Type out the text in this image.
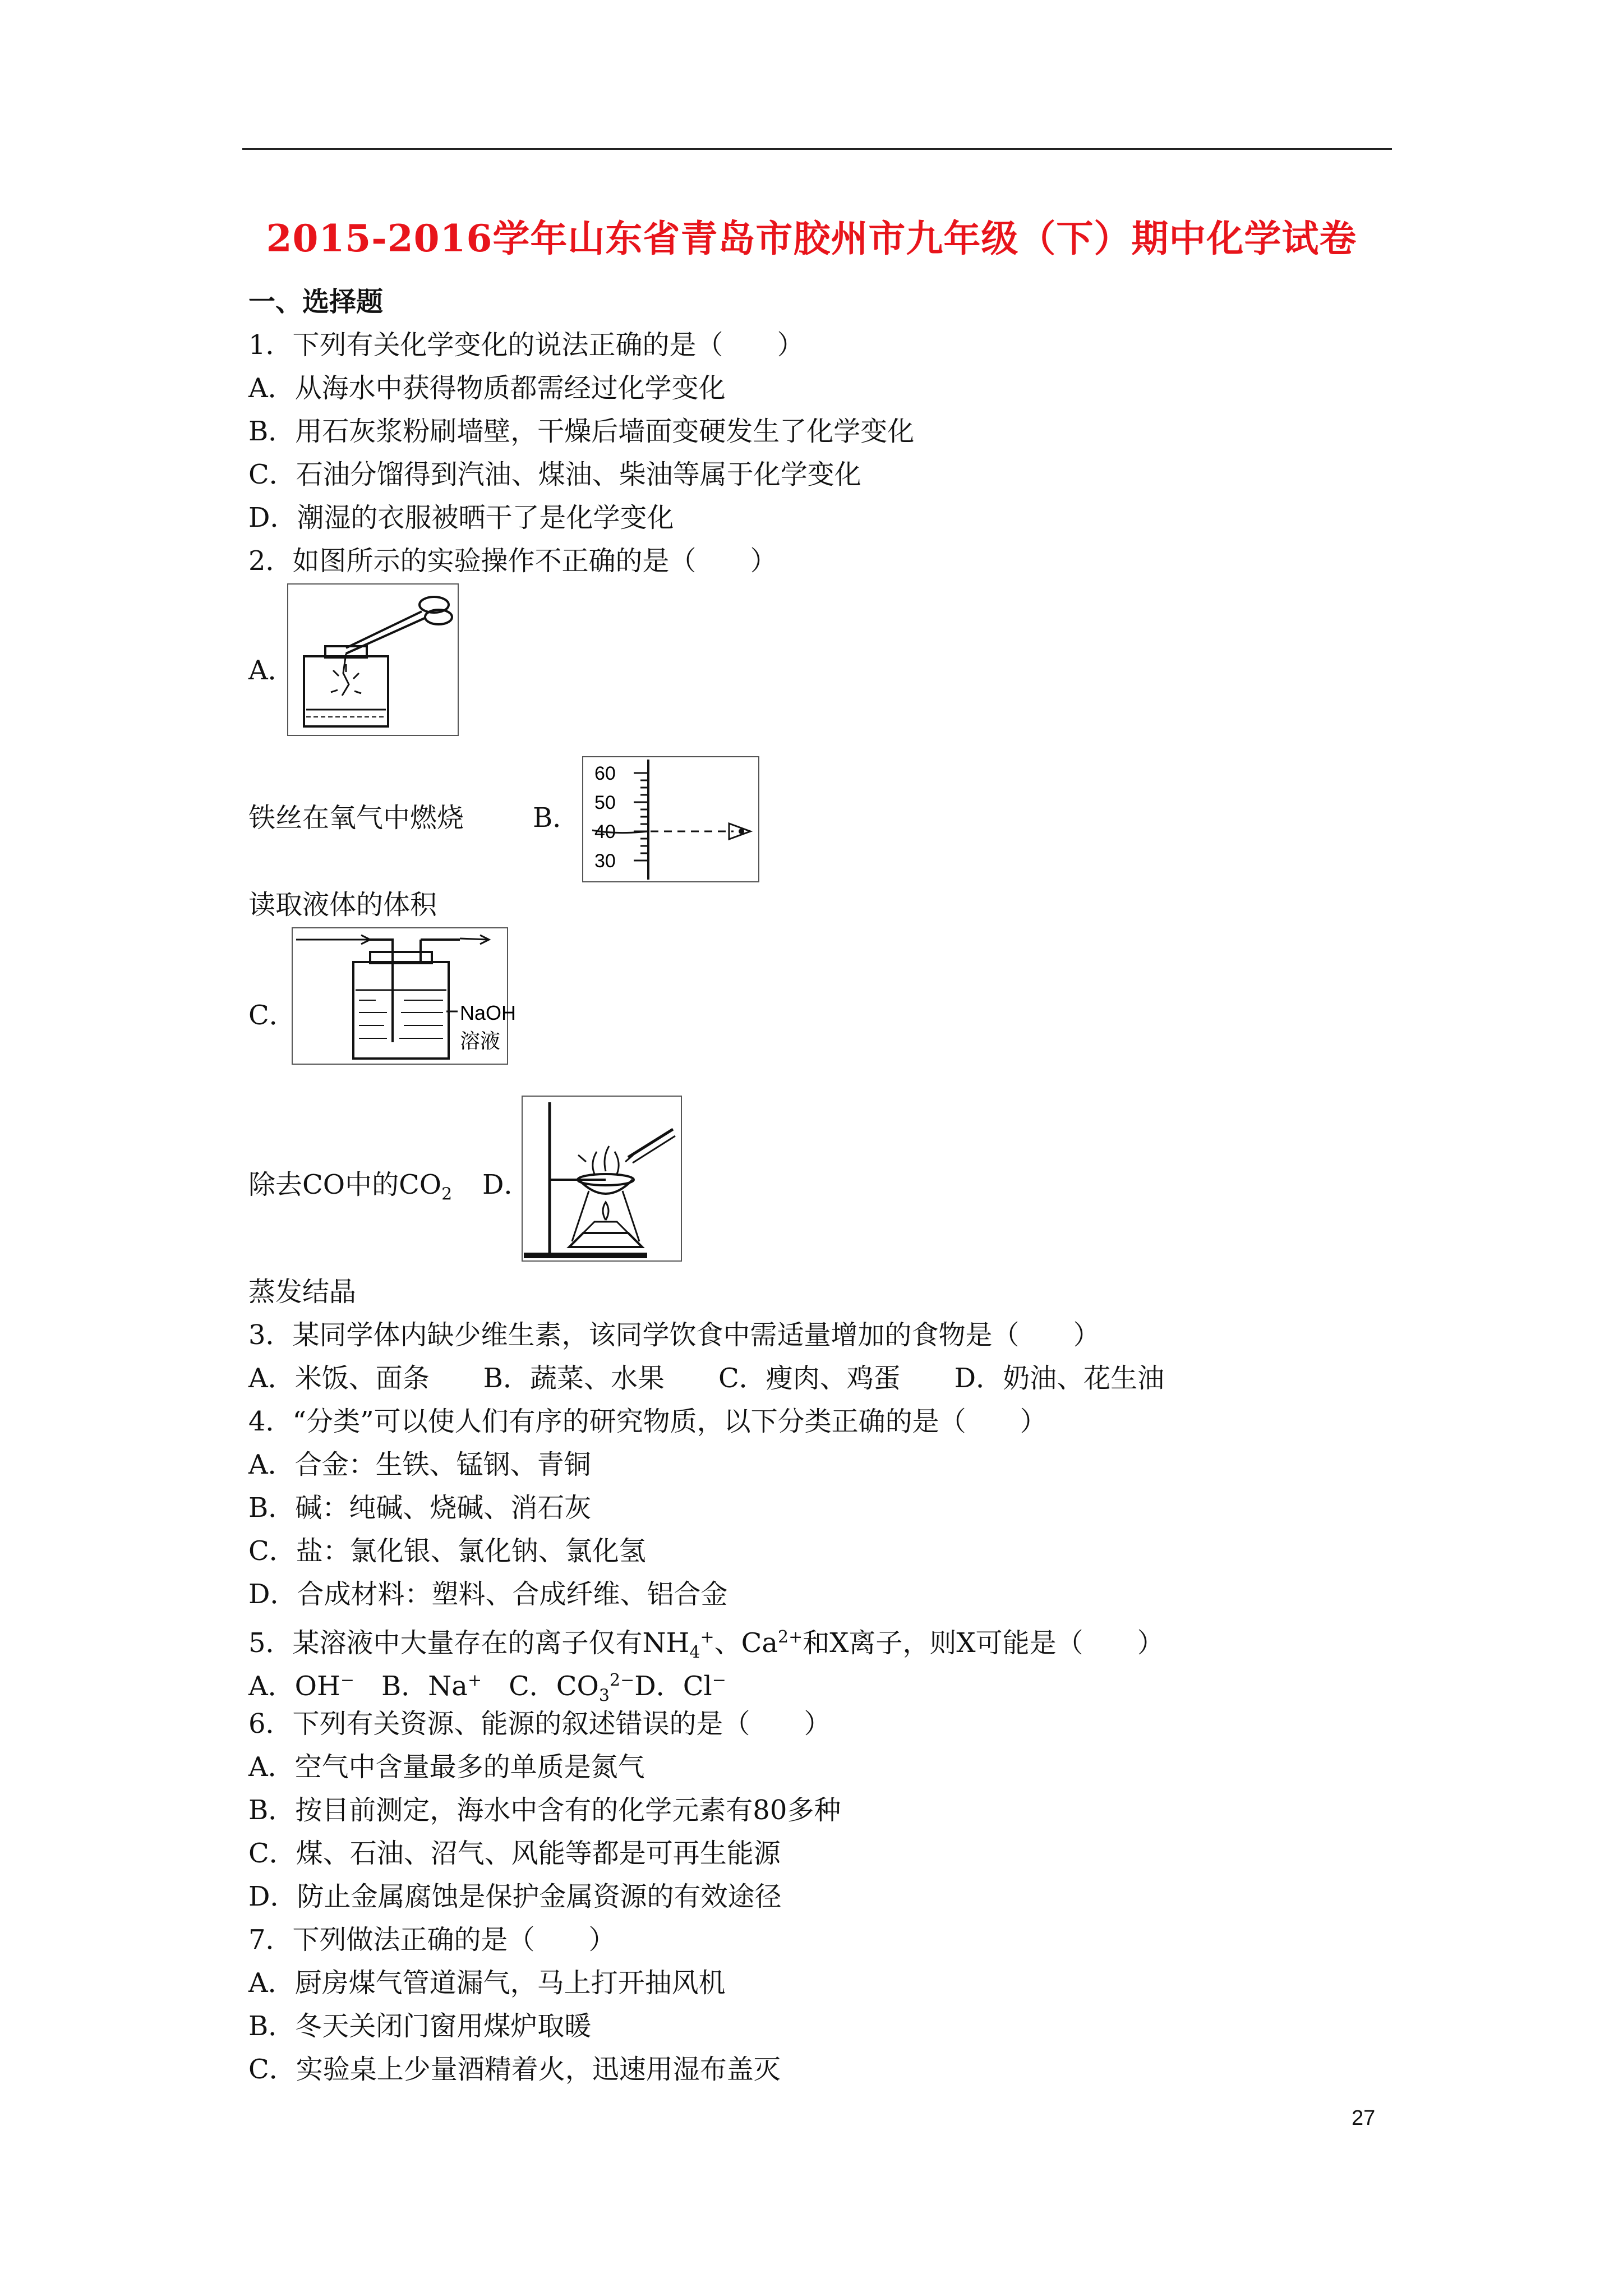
2015-2016学年山东省青岛市胶州市九年级（下）期中化学试卷
一、选择题
1．下列有关化学变化的说法正确的是（　　）
A．从海水中获得物质都需经过化学变化
B．用石灰浆粉刷墙壁，干燥后墙面变硬发生了化学变化
C．石油分馏得到汽油、煤油、柴油等属于化学变化
D．潮湿的衣服被晒干了是化学变化
2．如图所示的实验操作不正确的是（　　）
A．
铁丝在氧气中燃烧	B．
60
50
40
30
读取液体的体积
C．	NaOH
溶液
除去CO中的$CO_2$ D．
蒸发结晶
3．某同学体内缺少维生素，该同学饮食中需适量增加的食物是（　　）
A．米饭、面条　　B．蔬菜、水果　　C．瘦肉、鸡蛋　　D．奶油、花生油
4．“分类”可以使人们有序的研究物质，以下分类正确的是（　　）
A．合金：生铁、锰钢、青铜
B．碱：纯碱、烧碱、消石灰
C．盐：氯化银、氯化钠、氯化氢
D．合成材料：塑料、合成纤维、铝合金
5．某溶液中大量存在的离子仅有$NH_4^+$、$Ca^{2+}$和X离子，则X可能是（　　）
A．OH−　B．Na+　C．$CO_3^{2-}D$．Cl−
6．下列有关资源、能源的叙述错误的是（　　）
A．空气中含量最多的单质是氮气
B．按目前测定，海水中含有的化学元素有80多种
C．煤、石油、沼气、风能等都是可再生能源
D．防止金属腐蚀是保护金属资源的有效途径
7．下列做法正确的是（　　）
A．厨房煤气管道漏气，马上打开抽风机
B．冬天关闭门窗用煤炉取暖
C．实验桌上少量酒精着火，迅速用湿布盖灭
27
